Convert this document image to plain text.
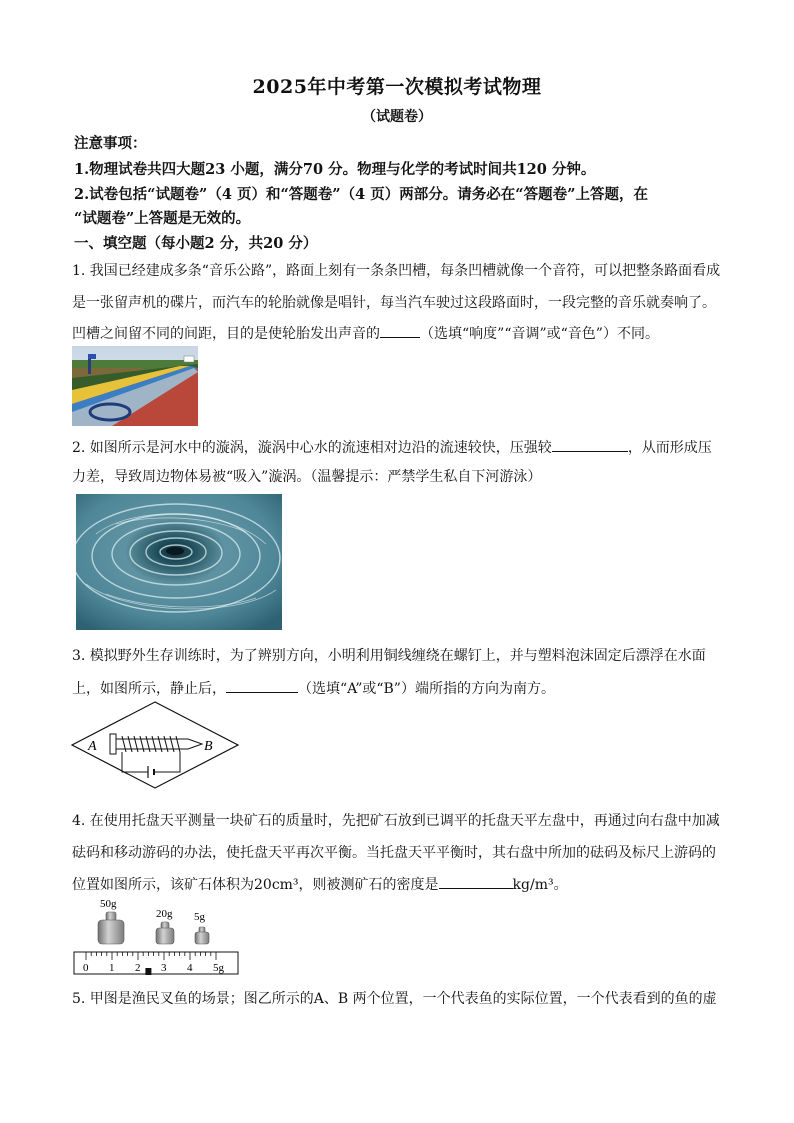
2025年中考第一次模拟考试物理
（试题卷）
注意事项：
1.物理试卷共四大题23 小题，满分70 分。物理与化学的考试时间共120 分钟。
2.试卷包括“试题卷”（4 页）和“答题卷”（4 页）两部分。请务必在“答题卷”上答题，在
“试题卷”上答题是无效的。
一、填空题（每小题2 分，共20 分）
1. 我国已经建成多条“音乐公路”，路面上刻有一条条凹槽，每条凹槽就像一个音符，可以把整条路面看成
是一张留声机的碟片，而汽车的轮胎就像是唱针，每当汽车驶过这段路面时，一段完整的音乐就奏响了。
凹槽之间留不同的间距，目的是使轮胎发出声音的	（选填“响度”“音调”或“音色”）不同。
2. 如图所示是河水中的漩涡，漩涡中心水的流速相对边沿的流速较快，压强较	，从而形成压
力差，导致周边物体易被“吸入”漩涡。（温馨提示：严禁学生私自下河游泳）
3. 模拟野外生存训练时，为了辨别方向，小明利用铜线缠绕在螺钉上，并与塑料泡沫固定后漂浮在水面
上，如图所示，静止后，	（选填“A”或“B”）端所指的方向为南方。
A	B
4. 在使用托盘天平测量一块矿石的质量时，先把矿石放到已调平的托盘天平左盘中，再通过向右盘中加减
砝码和移动游码的办法，使托盘天平再次平衡。当托盘天平平衡时，其右盘中所加的砝码及标尺上游码的
位置如图所示，该矿石体积为20cm³，则被测矿石的密度是	kg/m³。
50g
20g 5g
0 1 2 3 4 5g
5. 甲图是渔民叉鱼的场景；图乙所示的A、B 两个位置，一个代表鱼的实际位置，一个代表看到的鱼的虚
